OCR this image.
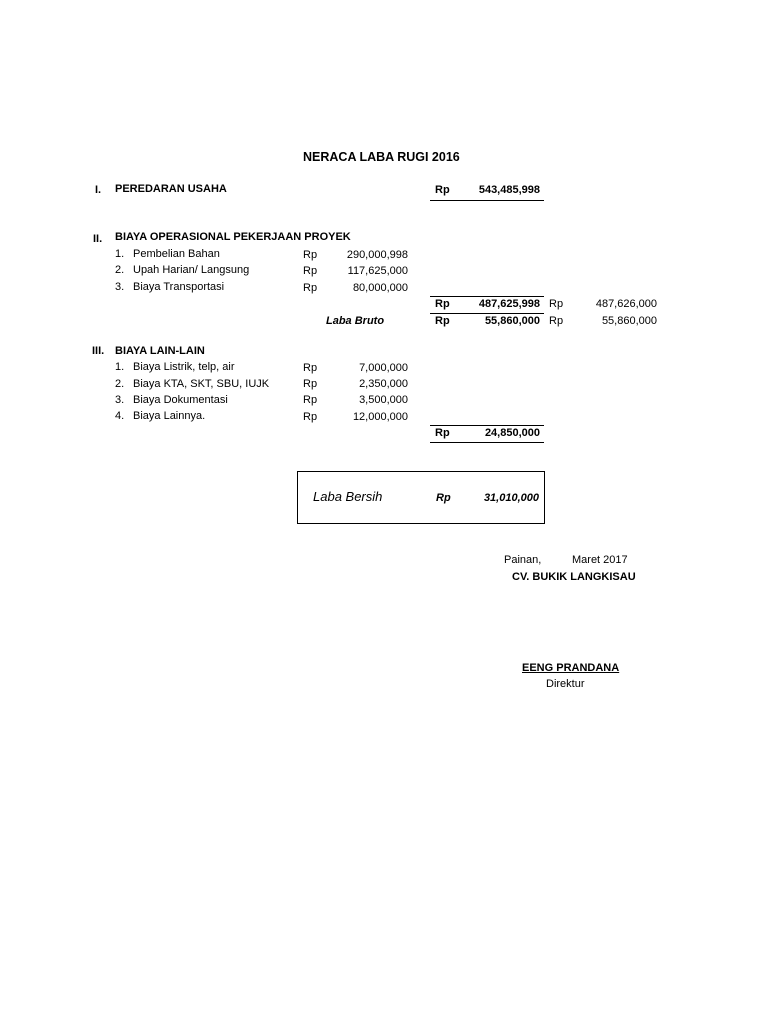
NERACA LABA RUGI 2016
I. PEREDARAN USAHA	Rp	543,485,998
II. BIAYA OPERASIONAL PEKERJAAN PROYEK
1. Pembelian Bahan	Rp	290,000,998
2. Upah Harian/ Langsung	Rp	117,625,000
3. Biaya Transportasi	Rp	80,000,000
Rp	487,625,998 Rp	487,626,000
Laba Bruto	Rp	55,860,000 Rp	55,860,000
III. BIAYA LAIN-LAIN
1. Biaya Listrik, telp, air	Rp	7,000,000
2. Biaya KTA, SKT, SBU, IUJK	Rp	2,350,000
3. Biaya Dokumentasi	Rp	3,500,000
4. Biaya Lainnya.	Rp	12,000,000
Rp	24,850,000
Laba Bersih	Rp	31,010,000
Painan,	Maret 2017
CV. BUKIK LANGKISAU
EENG PRANDANA
Direktur
